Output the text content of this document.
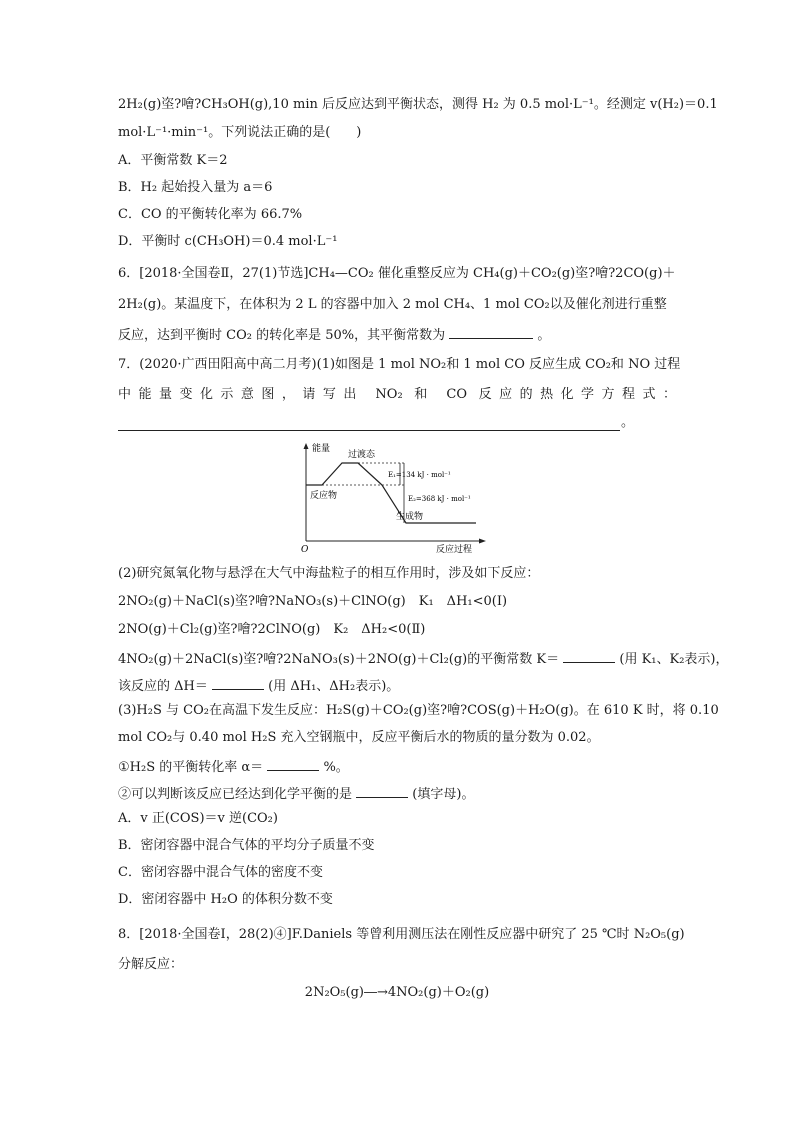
2H₂(g)垐?噲?CH₃OH(g),10 min 后反应达到平衡状态，测得 H₂ 为 0.5 mol·L⁻¹。经测定 v(H₂)＝0.1
mol·L⁻¹·min⁻¹。下列说法正确的是(　　)
A．平衡常数 K＝2
B．H₂ 起始投入量为 a＝6
C．CO 的平衡转化率为 66.7%
D．平衡时 c(CH₃OH)＝0.4 mol·L⁻¹
6．[2018·全国卷Ⅱ，27(1)节选]CH₄—CO₂ 催化重整反应为 CH₄(g)＋CO₂(g)垐?噲?2CO(g)＋
2H₂(g)。某温度下，在体积为 2 L 的容器中加入 2 mol CH₄、1 mol CO₂以及催化剂进行重整
反应，达到平衡时 CO₂ 的转化率是 50%，其平衡常数为	。
7．(2020·广西田阳高中高二月考)(1)如图是 1 mol NO₂和 1 mol CO 反应生成 CO₂和 NO 过程
中能量变化示意图，请写出 NO₂ 和 CO 反应的热化学方程式：
。
能量
过渡态
反应物
生成物
E₁=134 kJ · mol⁻¹
E₂=368 kJ · mol⁻¹
O	反应过程
(2)研究氮氧化物与悬浮在大气中海盐粒子的相互作用时，涉及如下反应：
2NO₂(g)＋NaCl(s)垐?噲?NaNO₃(s)＋ClNO(g)　K₁　ΔH₁<0(Ⅰ)
2NO(g)＋Cl₂(g)垐?噲?2ClNO(g)　K₂　ΔH₂<0(Ⅱ)
4NO₂(g)＋2NaCl(s)垐?噲?2NaNO₃(s)＋2NO(g)＋Cl₂(g)的平衡常数 K＝	(用 K₁、K₂表示)，
该反应的 ΔH＝	(用 ΔH₁、ΔH₂表示)。
(3)H₂S 与 CO₂在高温下发生反应：H₂S(g)＋CO₂(g)垐?噲?COS(g)＋H₂O(g)。在 610 K 时，将 0.10
mol CO₂与 0.40 mol H₂S 充入空钢瓶中，反应平衡后水的物质的量分数为 0.02。
①H₂S 的平衡转化率 α＝	%。
②可以判断该反应已经达到化学平衡的是	(填字母)。
A．v 正(COS)＝v 逆(CO₂)
B．密闭容器中混合气体的平均分子质量不变
C．密闭容器中混合气体的密度不变
D．密闭容器中 H₂O 的体积分数不变
8．[2018·全国卷Ⅰ，28(2)④]F.Daniels 等曾利用测压法在刚性反应器中研究了 25 ℃时 N₂O₅(g)
分解反应：
2N₂O₅(g)―→4NO₂(g)＋O₂(g)
